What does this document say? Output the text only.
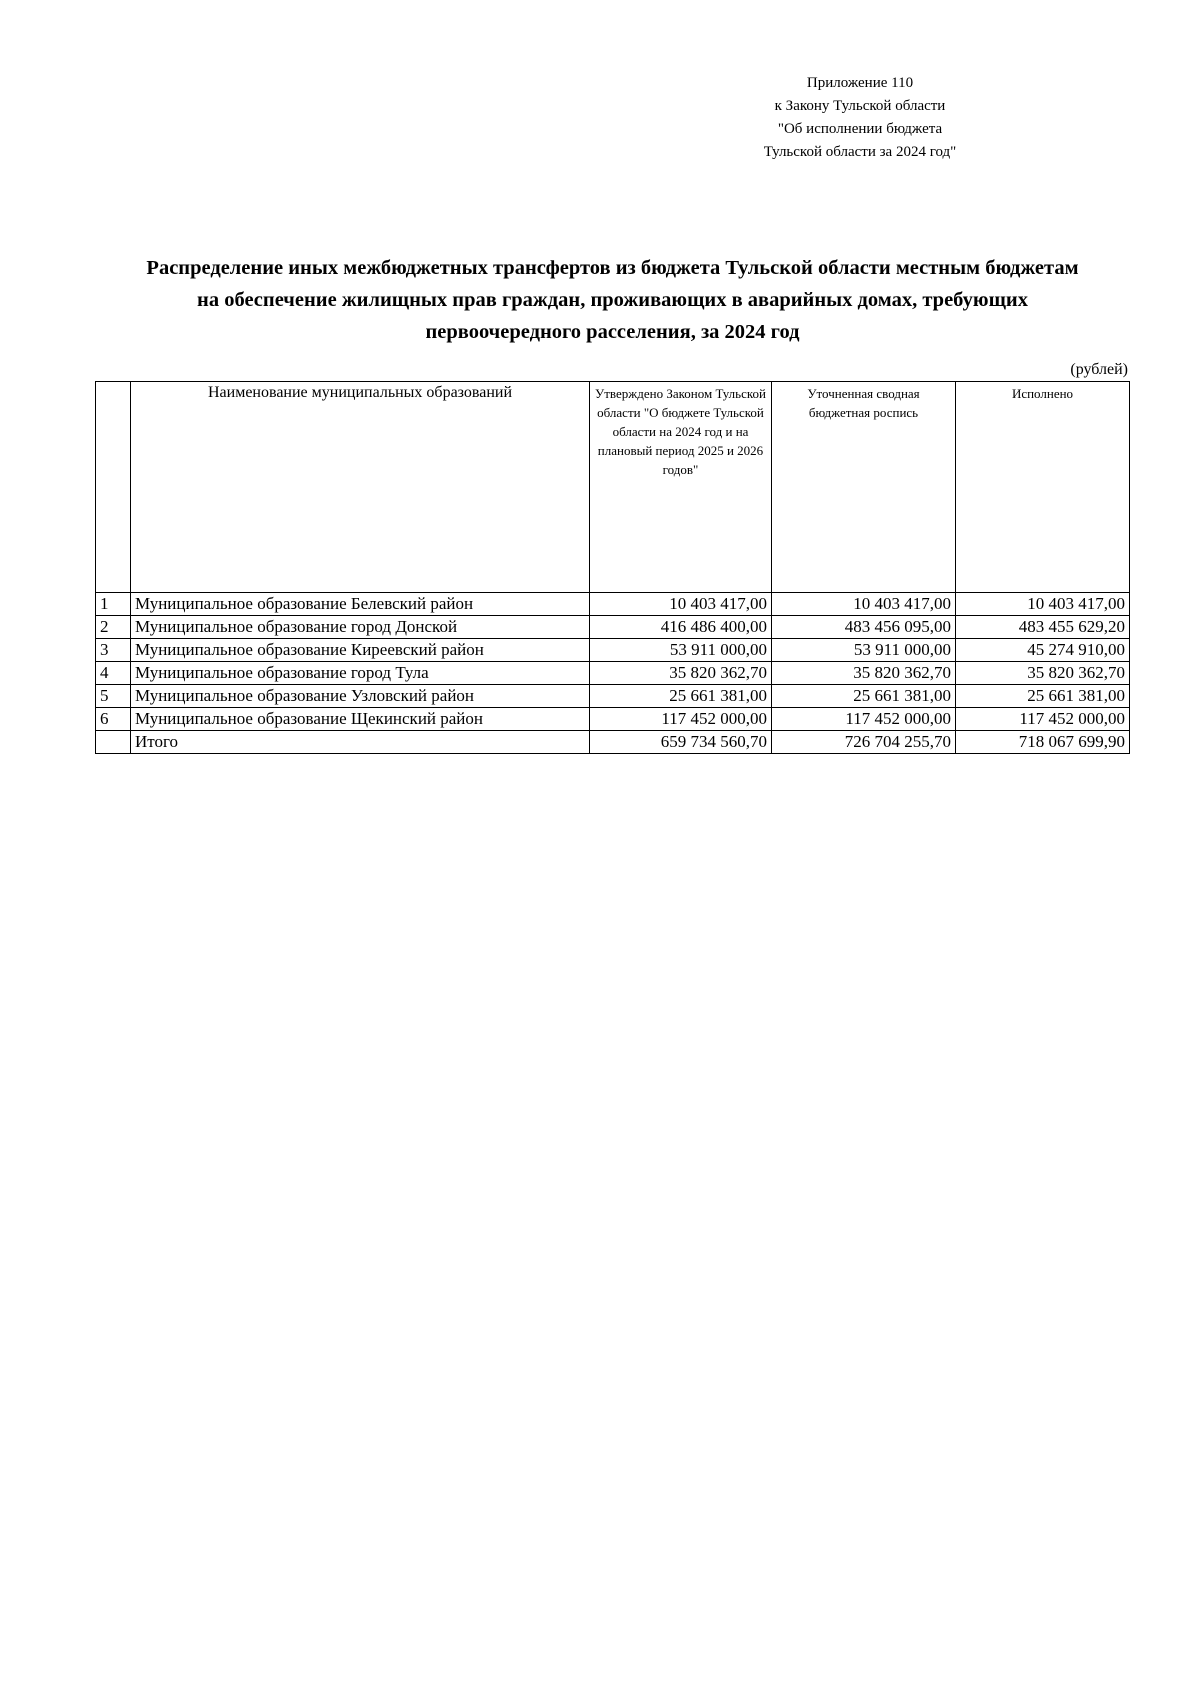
Приложение 110
к Закону Тульской области
"Об исполнении бюджета
Тульской области за 2024 год"
Распределение иных межбюджетных трансфертов из бюджета Тульской области местным бюджетам
на обеспечение жилищных прав граждан, проживающих в аварийных домах, требующих
первоочередного расселения, за 2024 год
(рублей)
	Наименование муниципальных образований	Утверждено Законом Тульской области "О бюджете Тульской области на 2024 год и на плановый период 2025 и 2026 годов"	Уточненная сводная бюджетная роспись	Исполнено
1	Муниципальное образование Белевский район	10 403 417,00	10 403 417,00	10 403 417,00
2	Муниципальное образование город Донской	416 486 400,00	483 456 095,00	483 455 629,20
3	Муниципальное образование Киреевский район	53 911 000,00	53 911 000,00	45 274 910,00
4	Муниципальное образование город Тула	35 820 362,70	35 820 362,70	35 820 362,70
5	Муниципальное образование Узловский район	25 661 381,00	25 661 381,00	25 661 381,00
6	Муниципальное образование Щекинский район	117 452 000,00	117 452 000,00	117 452 000,00
	Итого	659 734 560,70	726 704 255,70	718 067 699,90
